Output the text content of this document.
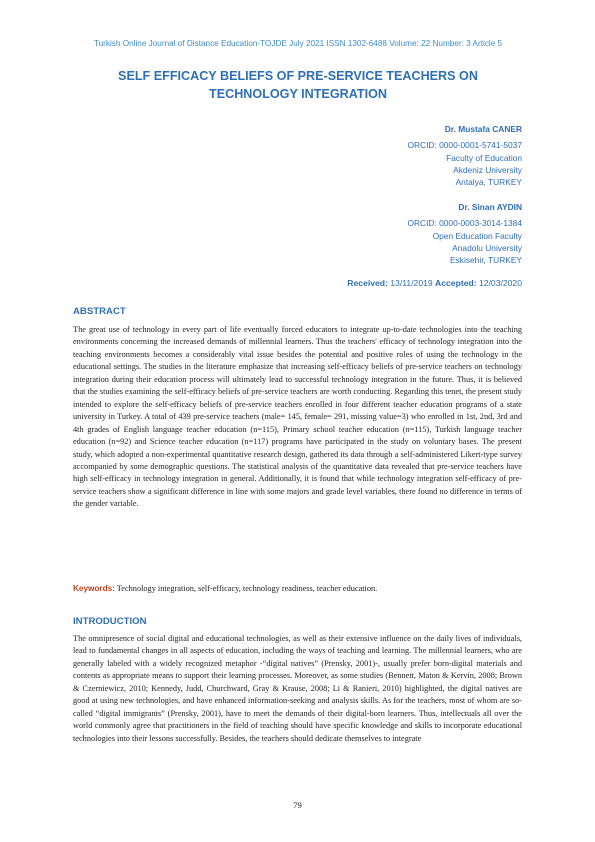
Turkish Online Journal of Distance Education-TOJDE July 2021 ISSN 1302-6488 Volume: 22 Number: 3 Article 5
SELF EFFICACY BELIEFS OF PRE-SERVICE TEACHERS ON
TECHNOLOGY INTEGRATION
Dr. Mustafa CANER
ORCID: 0000-0001-5741-5037
Faculty of Education
Akdeniz University
Antalya, TURKEY
Dr. Sinan AYDIN
ORCID: 0000-0003-3014-1384
Open Education Faculty
Anadolu University
Eskisehir, TURKEY
Received: 13/11/2019 Accepted: 12/03/2020
ABSTRACT
The great use of technology in every part of life eventually forced educators to integrate up-to-date technologies into the teaching environments concerning the increased demands of millennial learners. Thus the teachers' efficacy of technology integration into the teaching environments becomes a considerably vital issue besides the potential and positive roles of using the technology in the educational settings. The studies in the literature emphasize that increasing self-efficacy beliefs of pre-service teachers on technology integration during their education process will ultimately lead to successful technology integration in the future. Thus, it is believed that the studies examining the self-efficacy beliefs of pre-service teachers are worth conducting. Regarding this tenet, the present study intended to explore the self-efficacy beliefs of pre-service teachers enrolled in four different teacher education programs of a state university in Turkey. A total of 439 pre-service teachers (male= 145, female= 291, missing value=3) who enrolled in 1st, 2nd, 3rd and 4th grades of English language teacher education (n=115), Primary school teacher education (n=115), Turkish language teacher education (n=92) and Science teacher education (n=117) programs have participated in the study on voluntary bases. The present study, which adopted a non-experimental quantitative research design, gathered its data through a self-administered Likert-type survey accompanied by some demographic questions. The statistical analysis of the quantitative data revealed that pre-service teachers have high self-efficacy in technology integration in general. Additionally, it is found that while technology integration self-efficacy of pre-service teachers show a significant difference in line with some majors and grade level variables, there found no difference in terms of the gender variable.
Keywords: Technology integration, self-efficacy, technology readiness, teacher education.
INTRODUCTION
The omnipresence of social digital and educational technologies, as well as their extensive influence on the daily lives of individuals, lead to fundamental changes in all aspects of education, including the ways of teaching and learning. The millennial learners, who are generally labeled with a widely recognized metaphor -“digital natives” (Prensky, 2001)-, usually prefer born-digital materials and contents as appropriate means to support their learning processes. Moreover, as some studies (Bennett, Maton & Kervin, 2008; Brown & Czerniewicz, 2010; Kennedy, Judd, Churchward, Gray & Krause, 2008; Li & Ranieri, 2010) highlighted, the digital natives are good at using new technologies, and have enhanced information-seeking and analysis skills. As for the teachers, most of whom are so-called “digital immigrants” (Prensky, 2001), have to meet the demands of their digital-born learners. Thus, intellectuals all over the world commonly agree that practitioners in the field of teaching should have specific knowledge and skills to incorporate educational technologies into their lessons successfully. Besides, the teachers should dedicate themselves to integrate
79
